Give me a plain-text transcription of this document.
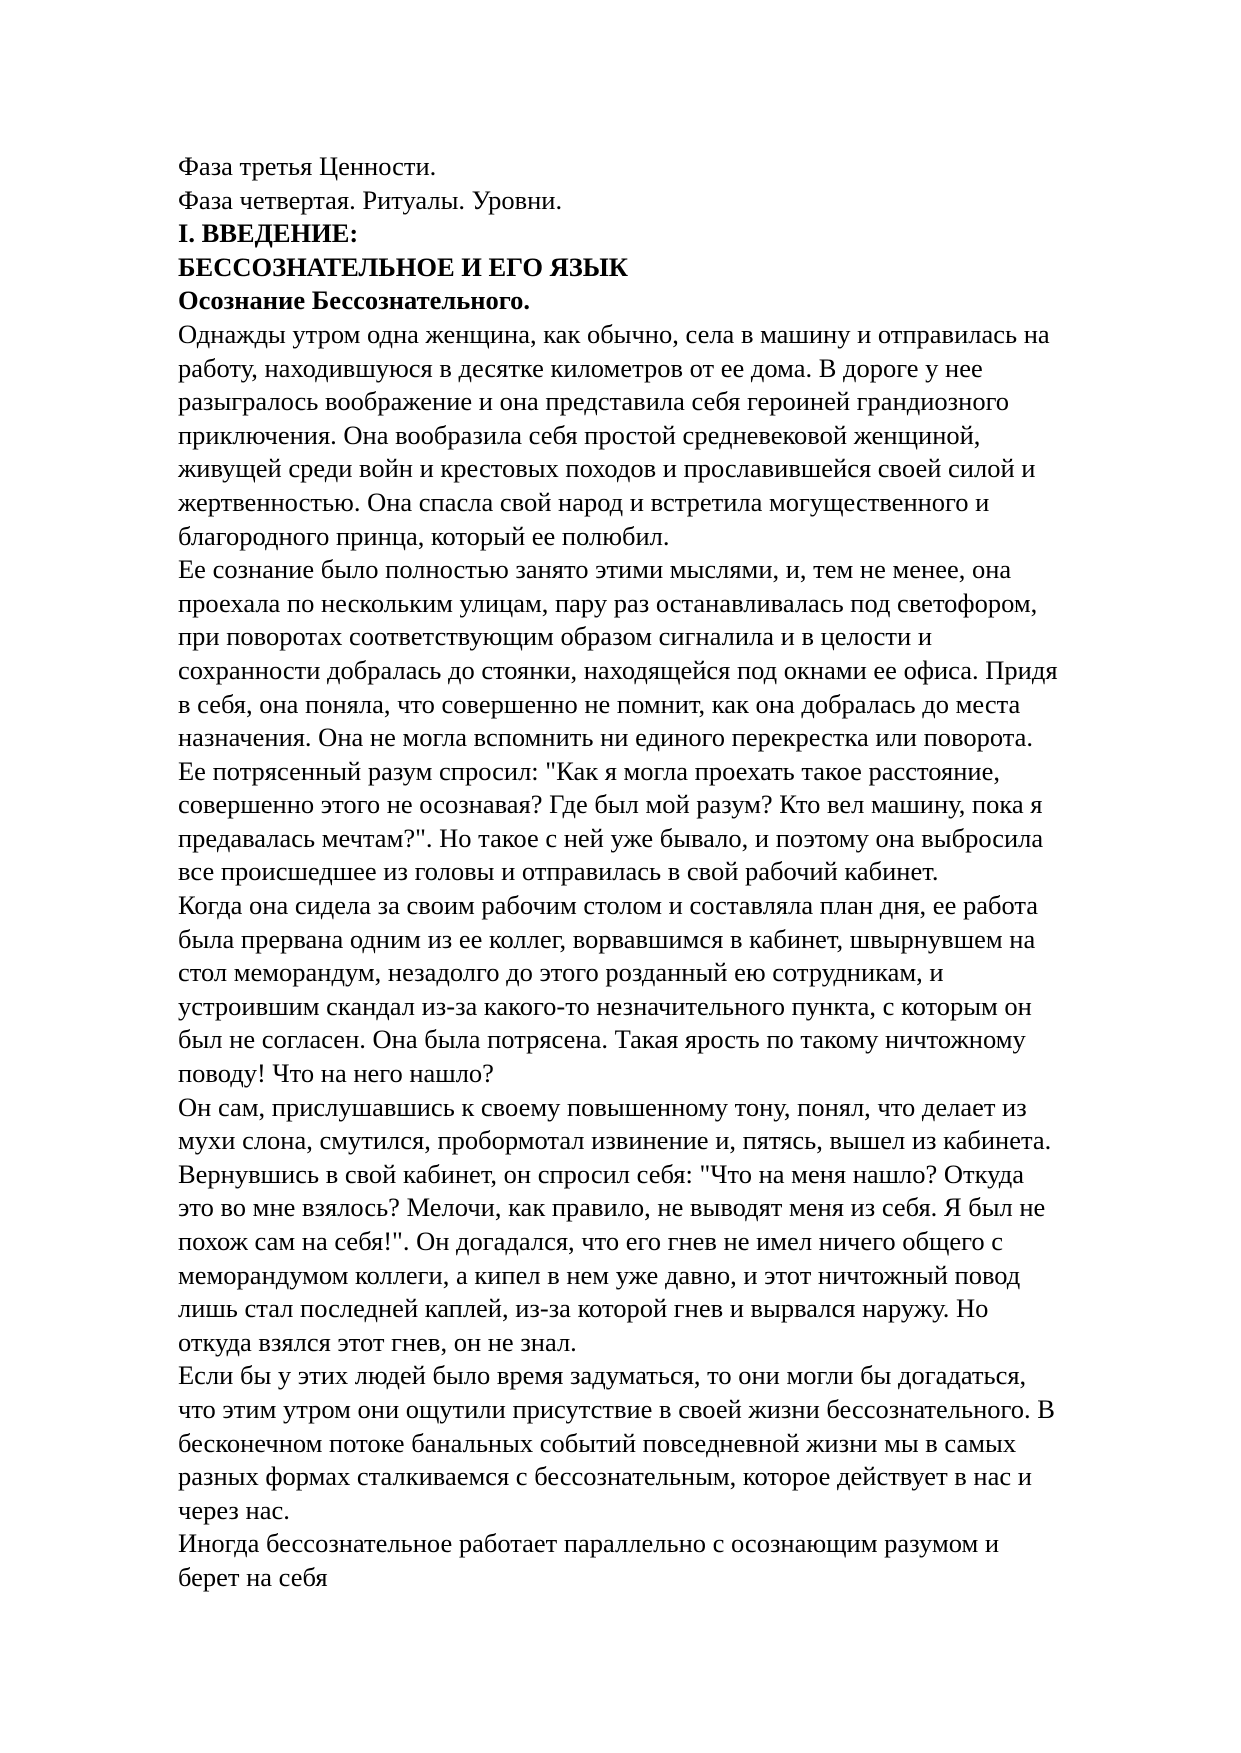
Фаза третья Ценности.
Фаза четвертая. Ритуалы. Уровни.
I. ВВЕДЕНИЕ:
БЕССОЗНАТЕЛЬНОЕ И ЕГО ЯЗЫК
Осознание Бессознательного.
Однажды утром одна женщина, как обычно, села в машину и отправилась на
работу, находившуюся в десятке километров от ее дома. В дороге у нее
разыгралось воображение и она представила себя героиней грандиозного
приключения. Она вообразила себя простой средневековой женщиной,
живущей среди войн и крестовых походов и прославившейся своей силой и
жертвенностью. Она спасла свой народ и встретила могущественного и
благородного принца, который ее полюбил.
Ее сознание было полностью занято этими мыслями, и, тем не менее, она
проехала по нескольким улицам, пару раз останавливалась под светофором,
при поворотах соответствующим образом сигналила и в целости и
сохранности добралась до стоянки, находящейся под окнами ее офиса. Придя
в себя, она поняла, что совершенно не помнит, как она добралась до места
назначения. Она не могла вспомнить ни единого перекрестка или поворота.
Ее потрясенный разум спросил: "Как я могла проехать такое расстояние,
совершенно этого не осознавая? Где был мой разум? Кто вел машину, пока я
предавалась мечтам?". Но такое с ней уже бывало, и поэтому она выбросила
все происшедшее из головы и отправилась в свой рабочий кабинет.
Когда она сидела за своим рабочим столом и составляла план дня, ее работа
была прервана одним из ее коллег, ворвавшимся в кабинет, швырнувшем на
стол меморандум, незадолго до этого розданный ею сотрудникам, и
устроившим скандал из-за какого-то незначительного пункта, с которым он
был не согласен. Она была потрясена. Такая ярость по такому ничтожному
поводу! Что на него нашло?
Он сам, прислушавшись к своему повышенному тону, понял, что делает из
мухи слона, смутился, пробормотал извинение и, пятясь, вышел из кабинета.
Вернувшись в свой кабинет, он спросил себя: "Что на меня нашло? Откуда
это во мне взялось? Мелочи, как правило, не выводят меня из себя. Я был не
похож сам на себя!". Он догадался, что его гнев не имел ничего общего с
меморандумом коллеги, а кипел в нем уже давно, и этот ничтожный повод
лишь стал последней каплей, из-за которой гнев и вырвался наружу. Но
откуда взялся этот гнев, он не знал.
Если бы у этих людей было время задуматься, то они могли бы догадаться,
что этим утром они ощутили присутствие в своей жизни бессознательного. В
бесконечном потоке банальных событий повседневной жизни мы в самых
разных формах сталкиваемся с бессознательным, которое действует в нас и
через нас.
Иногда бессознательное работает параллельно с осознающим разумом и
берет на себя
